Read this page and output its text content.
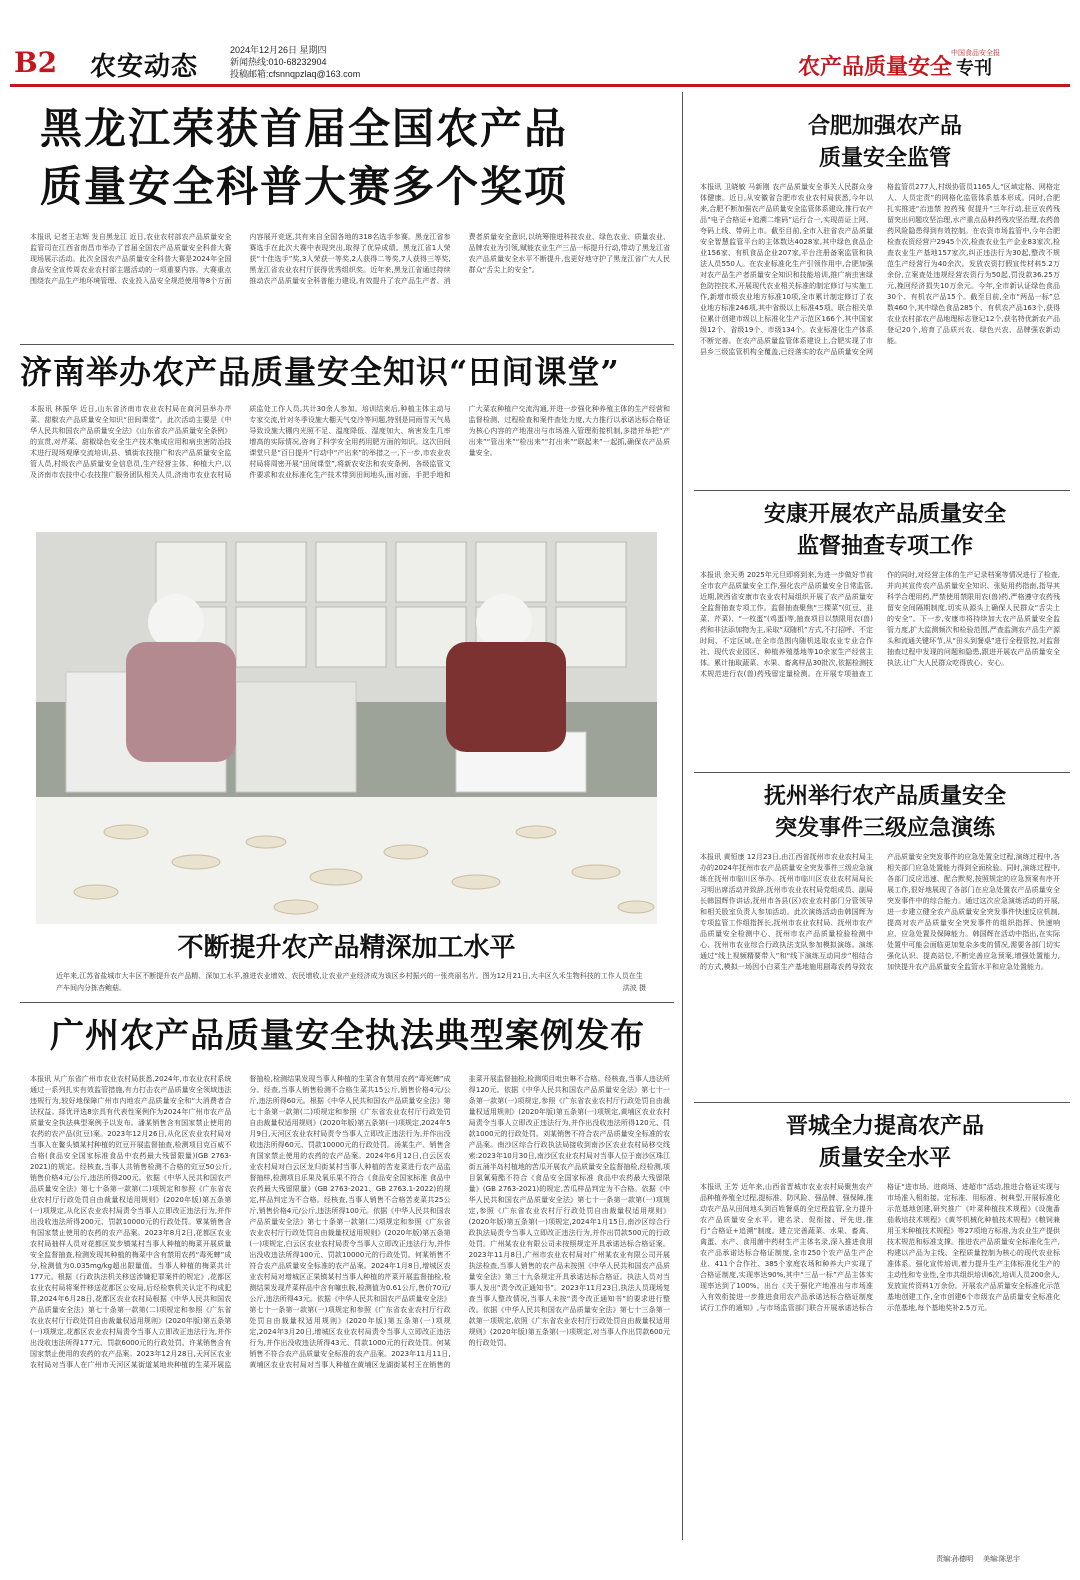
B2 农安动态
2024年12月26日 星期四
新闻热线:010-68232904
投稿邮箱:cfsnnqpzlaq@163.com	农产品质量安全 专刊
中国食品安全报
黑龙江荣获首届全国农产品
质量安全科普大赛多个奖项
本报讯 记者王志辉 发自黑龙江 近日,农业农村部农产品质量安全监管司在江西省南昌市举办了首届全国农产品质量安全科普大赛现场展示活动。此次全国农产品质量安全科普大赛是2024年全国食品安全宣传周农业农村部主题活动的一项重要内容。大赛重点围绕农产品生产地环境管理、农业投入品安全规范使用等8个方面内容展开竞逐,共有来自全国各地的318名选手参赛。黑龙江省参赛选手在此次大赛中表现突出,取得了优异成绩。黑龙江省1人荣获“十佳选手”奖,3人荣获一等奖,2人获得二等奖,7人获得三等奖,黑龙江省农业农村厅获得优秀组织奖。近年来,黑龙江省通过持续推动农产品质量安全科普能力建设,有效提升了农产品生产者、消费者质量安全意识,以统筹推进科技农业、绿色农业、质量农业、品牌农业为引领,赋能农业生产三品一标提升行动,带动了黑龙江省农产品质量安全水平不断提升,也更好地守护了黑龙江省广大人民群众“舌尖上的安全”。
济南举办农产品质量安全知识“田间课堂”
本报讯 林振华 近日,山东省济南市农业农村局在商河县举办芹菜、甜椒农产品质量安全知识“田间课堂”。此次活动主要是《中华人民共和国农产品质量安全法》《山东省农产品质量安全条例》的宣贯,对芹菜、甜椒绿色安全生产技术集成应用和病虫害防治技术进行现场观摩交流培训,县、镇街农技推广和农产品质量安全监管人员,村级农产品质量安全信息员,生产经营主体、种植大户,以及济南市农技中心农技推广服务团队相关人员,济南市农业农村局质监处工作人员,共计30余人参加。培训结束后,种植主体主动与专家交流,针对冬季设施大棚天气变冷等问题,特别是同雨雪天气易导致设施大棚内光照不足、温度降低、湿度加大、病害发生几率增高的实际情况,咨询了科学安全用药用肥方面的知识。这次田间课堂只是“百日提升”行动中“产出来”的举措之一,下一步,市农业农村局将周密开展“田间课堂”,将新农安法和农安条例、各级监管文件要求和农业标准化生产技术带到田间地头,面对面、手把手地和广大菜农种植户交流沟通,并进一步强化种养殖主体的生产经营和监督检测、过程检查和案件查处力度,大力推行以承诺达标合格证为核心内容的产地准出与市场准入管理衔接机制,多措并举把“产出来”“管出来”“检出来”“打出来”“联起来”一起抓,确保农产品质量安全。
不断提升农产品精深加工水平
近年来,江苏省盐城市大丰区不断提升农产品精、深加工水平,推进农业增效、农民增收,让农业产业经济成为该区乡村振兴的一张亮丽名片。图为12月21日,大丰区久禾生物科技的工作人员在生产车间内分拣杏鲍菇。	洪波 摄
广州农产品质量安全执法典型案例发布
本报讯 从广东省广州市农业农村局获悉,2024年,市农业农村系统通过一系列扎实有效监管措施,有力打击农产品质量安全领域违法违规行为,较好地保障广州市内地农产品质量安全和“大消费者合法权益。择优评选8宗具有代表性案例作为2024年广州市农产品质量安全执法典型案例予以发布。潘某销售含有国家禁止使用的农药的农产品(豇豆)案。2023年12月26日,从化区农业农村局对当事人在鳌头镇某村种植的豇豆开展监督抽查,检测项目克百威不合格(食品安全国家标准食品中农药最大残留限量)(GB 2763-2021)的规定。经核查,当事人共销售检测不合格的豇豆50公斤,销售价格4元/公斤,违法所得200元。依据《中华人民共和国农产品质量安全法》第七十条第一款第(二)项规定和参照《广东省农业农村厅行政处罚自由裁量权适用规则》(2020年版)第五条第(一)项规定,从化区农业农村局责令当事人立即改正违法行为,并作出没收违法所得200元、罚款10000元的行政处罚。覃某销售含有国家禁止使用的农药的农产品案。2023年8月2日,花都区农业农村局抽样人员对花都区炭步镇某村当事人种植的梅菜开展质量安全监督抽查,检测发现其种植的梅菜中含有禁用农药“毒死蜱”成分,检测值为0.035mg/kg超出限量值。当事人种植的梅菜共计177元。根据《行政执法机关移送涉嫌犯罪案件的规定》,花都区农业农村局将案件移送花都区公安局,后经检察机关认定不构成犯罪,2024年6月28日,花都区农业农村局根据《中华人民共和国农产品质量安全法》第七十条第一款第(二)项规定和参照《广东省农业农村厅行政处罚自由裁量权适用规则》(2020年版)第五条第(一)项规定,花都区农业农村局责令当事人立即改正违法行为,并作出没收违法所得177元、罚款6000元的行政处罚。许某销售含有国家禁止使用的农药的农产品案。2023年12月28日,天河区农业农村局对当事人在广州市天河区某街道某地块种植的生菜开展监督抽检,检测结果发现当事人种植的生菜含有禁用农药“毒死蜱”成分。经查,当事人销售检测不合格生菜共15公斤,销售价格4元/公斤,违法所得60元。根据《中华人民共和国农产品质量安全法》第七十条第一款第(二)项规定和参照《广东省农业农村厅行政处罚自由裁量权适用规则》(2020年版)第五条第(一)项规定,2024年5月9日,天河区农业农村局责令当事人立即改正违法行为,并作出没收违法所得60元、罚款10000元的行政处罚。汤某生产、销售含有国家禁止使用的农药的农产品案。2024年6月12日,白云区农业农村局对白云区龙归街某村当事人种植的苦麦菜进行农产品监督抽样,检测项目乐果及氧乐果不符合《食品安全国家标准 食品中农药最大残留限量》(GB 2763-2021、GB 2763.1-2022)的规定,样品判定为不合格。经核查,当事人销售不合格苦麦菜共25公斤,销售价格4元/公斤,违法所得100元。依据《中华人民共和国农产品质量安全法》第七十条第一款第(二)项规定和参照《广东省农业农村厅行政处罚自由裁量权适用规则》(2020年版)第五条第(一)项规定,白云区农业农村局责令当事人立即改正违法行为,并作出没收违法所得100元、罚款10000元的行政处罚。何某销售不符合农产品质量安全标准的农产品案。2024年1月8日,增城区农业农村局对增城区正果镇某村当事人种植的芹菜开展监督抽检,检测结果发现芹菜样品中含有噻虫胺,检测值为0.61公斤,售价70元/公斤,违法所得43元。依据《中华人民共和国农产品质量安全法》第七十一条第一款第(一)项规定和参照《广东省农业农村厅行政处罚自由裁量权适用规则》(2020年版)第五条第(一)项规定,2024年3月20日,增城区农业农村局责令当事人立即改正违法行为,并作出没收违法所得43元、罚款1000元的行政处罚。何某销售不符合农产品质量安全标准的农产品案。2023年11月11日,黄埔区农业农村局对当事人种植在黄埔区龙湖街某村王在销售的韭菜开展监督抽检,检测项目吡虫啉不合格。经核查,当事人违法所得120元。依据《中华人民共和国农产品质量安全法》第七十一条第一款第(一)项规定,参照《广东省农业农村厅行政处罚自由裁量权适用规则》(2020年版)第五条第(一)项规定,黄埔区农业农村局责令当事人立即改正违法行为,并作出没收违法所得120元、罚款1000元的行政处罚。刘某销售不符合农产品质量安全标准的农产品案。南沙区综合行政执法局接收到南沙区农业农村局移交线索:2023年10月30日,南沙区农业农村局对当事人位于南沙区珠江街五涌半岛村植地的苦瓜开展农产品质量安全监督抽检,经检测,项目氯氰菊酯不符合《食品安全国家标准 食品中农药最大残留限量》(GB 2763-2021)的规定,苦瓜样品判定为不合格。依据《中华人民共和国农产品质量安全法》第七十一条第一款第(一)项规定,参照《广东省农业农村厅行政处罚自由裁量权适用规则》(2020年版)第五条第(一)项规定,2024年1月15日,南沙区综合行政执法局责令当事人立即改正违法行为,并作出罚款500元的行政处罚。广州某农业有限公司未按照规定开具承诺达标合格证案。2023年11月8日,广州市农业农村局对广州某农业有限公司开展执法检查,当事人销售的农产品未按照《中华人民共和国农产品质量安全法》第三十九条规定开具承诺达标合格证。执法人员对当事人发出“责令改正通知书”。2023年11月23日,执法人员现场复查当事人整改情况,当事人未按“责令改正通知书”的要求进行整改。依据《中华人民共和国农产品质量安全法》第七十三条第一款第一项规定,依照《广东省农业农村厅行政处罚自由裁量权适用规则》(2020年版)第五条第(一)项规定,对当事人作出罚款600元的行政处罚。
合肥加强农产品
质量安全监管
本报讯 卫晓敏 马新刚 农产品质量安全事关人民群众身体健康。近日,从安徽省合肥市农业农村局获悉,今年以来,合肥不断加强农产品质量安全监管体系建设,推行农产品“电子合格证+追溯二维码”运行合一,实现苗证上网、夸码上线、带码上市。截至目前,全市入驻省农产品质量安全智慧监管平台的主体数达4028家,其中绿色食品企业156家、有机食品企业207家,平台注册备案监管和执法人员550人。在农业标准化生产引领作用中,合肥加强对农产品生产者质量安全知识和技能培训,推广病虫害绿色防控技术,开展现代农业相关标准的制定修订与实施工作,新增市级农业地方标准10项,全市累计制定修订了农业地方标准246项,其中省级以上标准45项。联合相关单位累计创建市级以上标准化生产示范区166个,其中国家级12个、省级19个、市级134个。农业标准化生产体系不断完善。在农产品质量监管体系建设上,合肥实现了市县乡三级监管机构全覆盖,已经落实的农产品质量安全网格监管员277人,村级协管员1165人,“区域定格、网格定人、人员定责”的网格化监管体系基本形成。同时,合肥扎实推进“治违禁 控药残 促提升”三年行动,驻豆农药残留突出问题攻坚治理,水产重点品种药残攻坚治理,农药兽药风险隐患得到有效控制。在农资市场监管中,今年合肥检查农资经营户2945个次,检查农业生产企业83家次,检查农业生产基地157家次,纠正违法行为30起,整改不规范生产经营行为40余次。发放农资打假宣传材料5.2万余份,立案查处违规经营农资行为50起,罚没款36.25万元,挽回经济损失10万余元。今年,全市新认证绿色食品30个、有机农产品15个。截至目前,全市“两品一标”总数460个,其中绿色食品285个、有机农产品163个,获得农业农村部农产品地理标志登记12个,获名特优新农产品登记20个,培育了品质兴农、绿色兴农、品牌强农新动能。
安康开展农产品质量安全
监督抽查专项工作
本报讯 余天勇 2025年元旦即将到来,为进一步做好节前全市农产品质量安全工作,强化农产品质量安全日常监管,近期,陕西省安康市农业农村局组织开展了农产品质量安全监督抽查专项工作。监督抽查聚焦“三棵菜”(豇豆、韭菜、芹菜)、“一枚蛋”(鸡蛋)等,抽查项目以禁限用农(兽)药和非法添加物为主,采取“双随机”方式,不打招呼、不定时间、不定区域,在全市范围内随机选取农业专业合作社、现代农业园区、种植养殖基地等10余家生产经营主体。累计抽取蔬菜、水果、畜禽样品30批次,依据检测技术规范进行农(兽)药残留定量检测。在开展专项抽查工作的同时,对经营主体的生产记录档案等情况进行了检查,并向其宣传农产品质量安全知识、张贴用药指南,指导其科学合理用药,严禁使用禁限用农(兽)药,严格遵守农药残留安全间隔期制度,切实从源头上确保人民群众“舌尖上的安全”。下一步,安康市将持续加大农产品质量安全监管力度,扩大监测频次和检验范围,严查监测农产品生产源头和流通关键环节,从“田头到餐桌”进行全程管控,对监督抽查过程中发现的问题和隐患,跟进开展农产品质量安全执法,让广大人民群众吃得放心、安心。
抚州举行农产品质量安全
突发事件三级应急演练
本报讯 黄恒康 12月23日,由江西省抚州市农业农村局主办的2024年抚州市农产品质量安全突发事件三级应急演练在抚州市临川区举办。抚州市临川区农业农村局局长习明出席活动并致辞,抚州市农业农村局党组成员、副局长韩国辉作讲话,抚州市各县(区)农业农村部门分管领导和相关股室负责人参加活动。此次演练活动由韩国辉为专项监管工作组指挥长,抚州市农业农村局、抚州市农产品质量安全检测中心、抚州市农产品质量检验检测中心、抚州市农业综合行政执法支队参加模拟演练。演练通过“线上视频精要带入”和“线下演练互动同步”相结合的方式,模拟一场因小白菜生产基地施用剧毒农药导致农产品质量安全突发事件的应急处置全过程,演练过程中,各相关部门应急处置能力得到全面检验。同时,演练过程中,各部门反应迅速、配合默契,按照规定的应急预案有序开展工作,很好地展现了各部门在应急处置农产品质量安全突发事件中的综合能力。通过这次应急演练活动的开展,进一步建立健全农产品质量安全突发事件快速反应机制,提高对农产品质量安全突发事件的组织指挥、快速响应、应急处置及保障能力。韩国辉在活动中指出,在实际处置中可能会面临更加复杂多变的情况,需要各部门切实强化认识、提高站位,不断完善应急预案,增强处置能力,加快提升农产品质量安全监管水平和应急处置能力。
晋城全力提高农产品
质量安全水平
本报讯 王芳 近年来,山西省晋城市农业农村局聚焦农产品种植养殖全过程,提标准、防风险、强品牌、强保障,推动农产品从田间地头到百姓餐桌的全过程监管,全力提升农产品质量安全水平。建名录、促衔接、评先进,推行“合格证+追溯”制度。建立完善蔬菜、水果、畜禽、禽蛋、水产、食用菌中药材生产主体名录,深入推进食用农产品承诺达标合格证制度,全市250个农产品生产企业、411个合作社、385个家庭农场和种养大户实现了合格证制度,实现率达90%,其中“三品一标”产品主体实现率达到了100%。出台《关于强化产地准出与市场准入有效衔接进一步推进食用农产品承诺达标合格证制度试行工作的通知》,与市场监管部门联合开展承诺达标合格证“进市场、进商场、进超市”活动,推进合格证实现与市场准入相衔接。定标准、用标准、树典型,开展标准化示范基地创建,研究推广《叶菜种植技术规程》《设施番茄栽培技术规程》《黄芩机械化种植技术规程》《粮饲兼用玉米种植技术规程》等27项地方标准,为农业生产提供技术规范和标准支撑。推进农产品质量安全标准化生产,构建以产品为主线、全程质量控制为核心的现代农业标准体系。强化宣传培训,着力提升生产主体标准化生产的主动性和专业性,全市共组织培训6次,培训人员200余人,发放宣传资料1万余份。开展农产品质量安全标准化示范基地创建工作,全市创建6个市级农产品质量安全标准化示范基地,每个基地奖补2.5万元。
责编:孙德明 美编:陈思宇
